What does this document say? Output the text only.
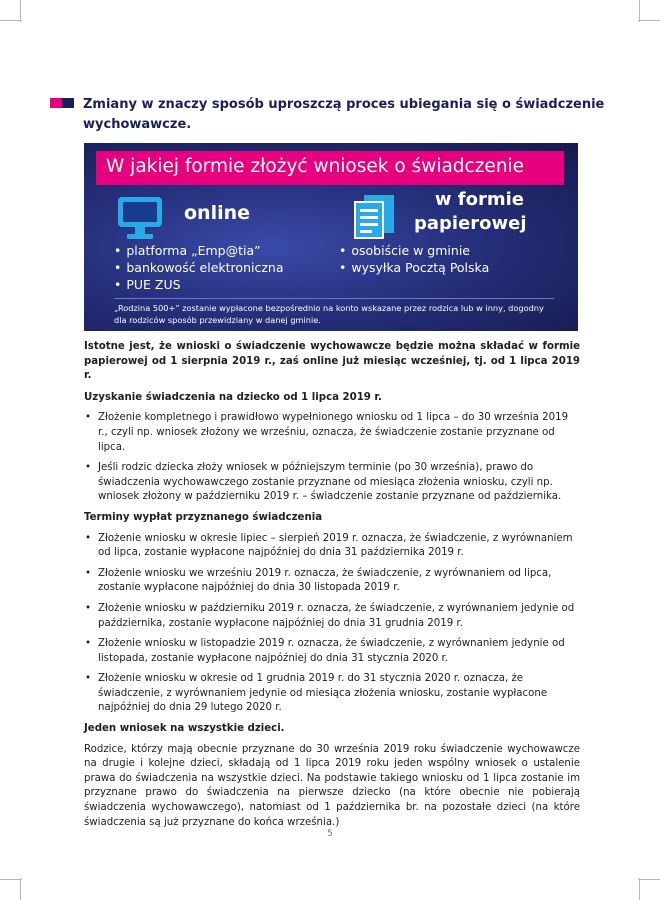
Zmiany w znaczy sposób uproszczą proces ubiegania się o świadczenie wychowawcze.
W jakiej formie złożyć wniosek o świadczenie
online
w formie
papierowej
• platforma „Emp@tia”
• bankowość elektroniczna
• PUE ZUS
• osobiście w gminie
• wysyłka Pocztą Polska
„Rodzina 500+” zostanie wypłacone bezpośrednio na konto wskazane przez rodzica lub w inny, dogodny dla rodziców sposób przewidziany w danej gminie.

Istotne jest, że wnioski o świadczenie wychowawcze będzie można składać w formie papierowej od 1 sierpnia 2019 r., zaś online już miesiąc wcześniej, tj. od 1 lipca 2019 r.

Uzyskanie świadczenia na dziecko od 1 lipca 2019 r.

• Złożenie kompletnego i prawidłowo wypełnionego wniosku od 1 lipca – do 30 września 2019 r., czyli np. wniosek złożony we wrześniu, oznacza, że świadczenie zostanie przyznane od lipca.
• Jeśli rodzic dziecka złoży wniosek w późniejszym terminie (po 30 września), prawo do świadczenia wychowawczego zostanie przyznane od miesiąca złożenia wniosku, czyli np. wniosek złożony w październiku 2019 r. – świadczenie zostanie przyznane od października.

Terminy wypłat przyznanego świadczenia

• Złożenie wniosku w okresie lipiec – sierpień 2019 r. oznacza, że świadczenie, z wyrównaniem od lipca, zostanie wypłacone najpóźniej do dnia 31 października 2019 r.
• Złożenie wniosku we wrześniu 2019 r. oznacza, że świadczenie, z wyrównaniem od lipca, zostanie wypłacone najpóźniej do dnia 30 listopada 2019 r.
• Złożenie wniosku w październiku 2019 r. oznacza, że świadczenie, z wyrównaniem jedynie od października, zostanie wypłacone najpóźniej do dnia 31 grudnia 2019 r.
• Złożenie wniosku w listopadzie 2019 r. oznacza, że świadczenie, z wyrównaniem jedynie od listopada, zostanie wypłacone najpóźniej do dnia 31 stycznia 2020 r.
• Złożenie wniosku w okresie od 1 grudnia 2019 r. do 31 stycznia 2020 r. oznacza, że świadczenie, z wyrównaniem jedynie od miesiąca złożenia wniosku, zostanie wypłacone najpóźniej do dnia 29 lutego 2020 r.

Jeden wniosek na wszystkie dzieci.

Rodzice, którzy mają obecnie przyznane do 30 września 2019 roku świadczenie wychowawcze na drugie i kolejne dzieci, składają od 1 lipca 2019 roku jeden wspólny wniosek o ustalenie prawa do świadczenia na wszystkie dzieci. Na podstawie takiego wniosku od 1 lipca zostanie im przyznane prawo do świadczenia na pierwsze dziecko (na które obecnie nie pobierają świadczenia wychowawczego), natomiast od 1 października br. na pozostałe dzieci (na które świadczenia są już przyznane do końca września.)

5
